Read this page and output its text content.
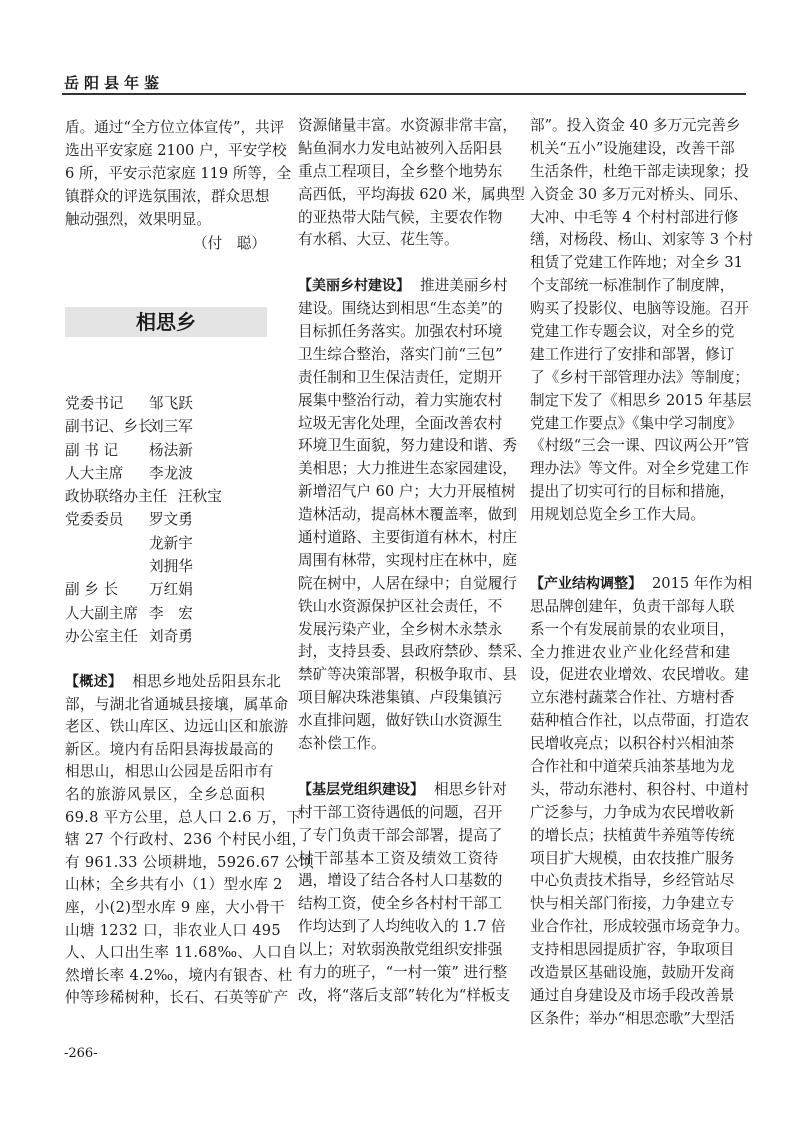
岳阳县年鉴
盾。通过“全方位立体宣传”，共评
选出平安家庭 2100 户，平安学校
6 所，平安示范家庭 119 所等，全
镇群众的评选氛围浓，群众思想
触动强烈，效果明显。
（付　聪）
相思乡
党委书记 邹飞跃
副书记、乡长
刘三军
副 书 记 杨法新
人大主席 李龙波
政协联络办主任 汪秋宝
党委委员 罗文勇
龙新宇
刘拥华
副 乡 长 万红娟
人大副主席 李　宏
办公室主任 刘奇勇
【概述】 相思乡地处岳阳县东北
部，与湖北省通城县接壤，属革命
老区、铁山库区、边远山区和旅游
新区。境内有岳阳县海拔最高的
相思山，相思山公园是岳阳市有
名的旅游风景区，全乡总面积
69.8 平方公里，总人口 2.6 万，下
辖 27 个行政村、236 个村民小组，
有 961.33 公顷耕地，5926.67 公顷
山林；全乡共有小（1）型水库 2
座，小(2)型水库 9 座，大小骨干
山塘 1232 口，非农业人口 495
人、人口出生率 11.68‰、人口自
然增长率 4.2‰，境内有银杏、杜
仲等珍稀树种，长石、石英等矿产
资源储量丰富。水资源非常丰富，
鲇鱼洞水力发电站被列入岳阳县
重点工程项目，全乡整个地势东
高西低，平均海拔 620 米，属典型
的亚热带大陆气候，主要农作物
有水稻、大豆、花生等。
【美丽乡村建设】 推进美丽乡村
建设。围绕达到相思“生态美”的
目标抓任务落实。加强农村环境
卫生综合整治，落实门前“三包”
责任制和卫生保洁责任，定期开
展集中整治行动，着力实施农村
垃圾无害化处理，全面改善农村
环境卫生面貌，努力建设和谐、秀
美相思；大力推进生态家园建设，
新增沼气户 60 户；大力开展植树
造林活动，提高林木覆盖率，做到
通村道路、主要街道有林木，村庄
周围有林带，实现村庄在林中，庭
院在树中，人居在绿中；自觉履行
铁山水资源保护区社会责任，不
发展污染产业，全乡树木永禁永
封，支持县委、县政府禁砂、禁采、
禁矿等决策部署，积极争取市、县
项目解决珠港集镇、卢段集镇污
水直排问题，做好铁山水资源生
态补偿工作。
【基层党组织建设】 相思乡针对
村干部工资待遇低的问题，召开
了专门负责干部会部署，提高了
村干部基本工资及绩效工资待
遇，增设了结合各村人口基数的
结构工资，使全乡各村村干部工
作均达到了人均纯收入的 1.7 倍
以上；对软弱涣散党组织安排强
有力的班子，“一村一策” 进行整
改，将“落后支部”转化为“样板支
部”。投入资金 40 多万元完善乡
机关“五小”设施建设，改善干部
生活条件，杜绝干部走读现象；投
入资金 30 多万元对桥头、同乐、
大冲、中毛等 4 个村村部进行修
缮，对杨段、杨山、刘家等 3 个村
租赁了党建工作阵地；对全乡 31
个支部统一标准制作了制度牌，
购买了投影仪、电脑等设施。召开
党建工作专题会议，对全乡的党
建工作进行了安排和部署，修订
了《乡村干部管理办法》等制度；
制定下发了《相思乡 2015 年基层
党建工作要点》《集中学习制度》
《村级“三会一课、四议两公开”管
理办法》等文件。对全乡党建工作
提出了切实可行的目标和措施，
用规划总览全乡工作大局。
【产业结构调整】 2015 年作为相
思品牌创建年，负责干部每人联
系一个有发展前景的农业项目，
全力推进农业产业化经营和建
设，促进农业增效、农民增收。建
立东港村蔬菜合作社、方塘村香
菇种植合作社，以点带面，打造农
民增收亮点；以积谷村兴相油茶
合作社和中道荣兵油茶基地为龙
头，带动东港村、积谷村、中道村
广泛参与，力争成为农民增收新
的增长点；扶植黄牛养殖等传统
项目扩大规模，由农技推广服务
中心负责技术指导，乡经管站尽
快与相关部门衔接，力争建立专
业合作社，形成较强市场竞争力。
支持相思园提质扩容，争取项目
改造景区基础设施，鼓励开发商
通过自身建设及市场手段改善景
区条件；举办“相思恋歌”大型活
-266-
